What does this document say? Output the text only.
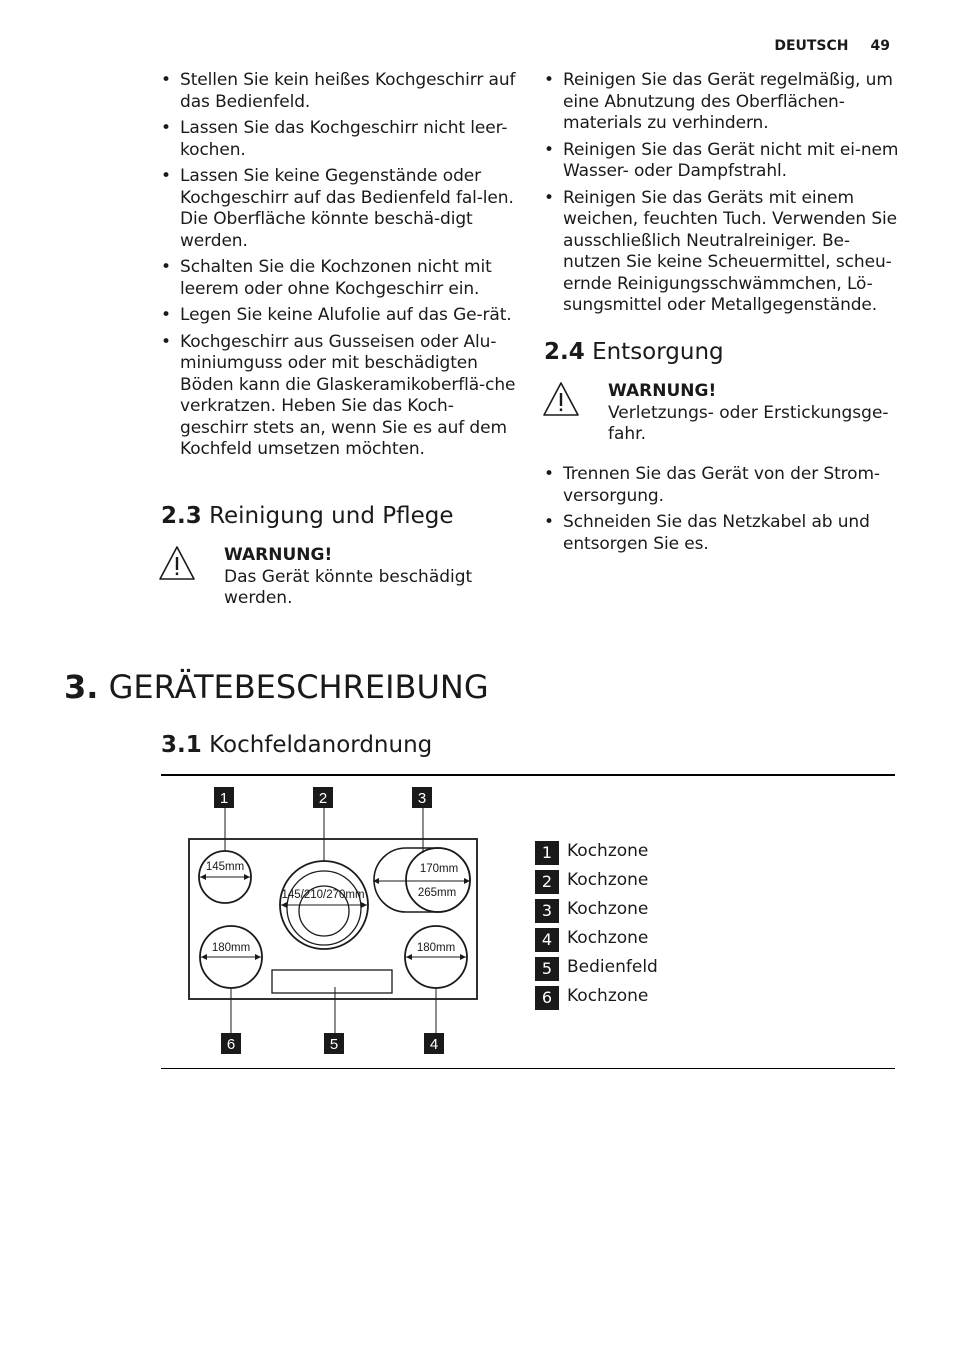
DEUTSCH 49
• Stellen Sie kein heißes Kochgeschirr auf das Bedienfeld.
• Lassen Sie das Kochgeschirr nicht leer-kochen.
• Lassen Sie keine Gegenstände oder Kochgeschirr auf das Bedienfeld fal-len. Die Oberfläche könnte beschä-digt werden.
• Schalten Sie die Kochzonen nicht mit leerem oder ohne Kochgeschirr ein.
• Legen Sie keine Alufolie auf das Ge-rät.
• Kochgeschirr aus Gusseisen oder Alu-miniumguss oder mit beschädigten Böden kann die Glaskeramikoberflä-che verkratzen. Heben Sie das Koch-geschirr stets an, wenn Sie es auf dem Kochfeld umsetzen möchten.
2.3 Reinigung und Pflege
WARNUNG!
Das Gerät könnte beschädigt werden.
• Reinigen Sie das Gerät regelmäßig, um eine Abnutzung des Oberflächen-materials zu verhindern.
• Reinigen Sie das Gerät nicht mit ei-nem Wasser- oder Dampfstrahl.
• Reinigen Sie das Geräts mit einem weichen, feuchten Tuch. Verwenden Sie ausschließlich Neutralreiniger. Be-nutzen Sie keine Scheuermittel, scheu-ernde Reinigungsschwämmchen, Lö-sungsmittel oder Metallgegenstände.
2.4 Entsorgung
WARNUNG!
Verletzungs- oder Erstickungsge-fahr.
• Trennen Sie das Gerät von der Strom-versorgung.
• Schneiden Sie das Netzkabel ab und entsorgen Sie es.
3. GERÄTEBESCHREIBUNG
3.1 Kochfeldanordnung
145mm
145/210/270mm
170mm
265mm
180mm	180mm
1	2	3
6	5	4
1 Kochzone
2 Kochzone
3 Kochzone
4 Kochzone
5 Bedienfeld
6 Kochzone
